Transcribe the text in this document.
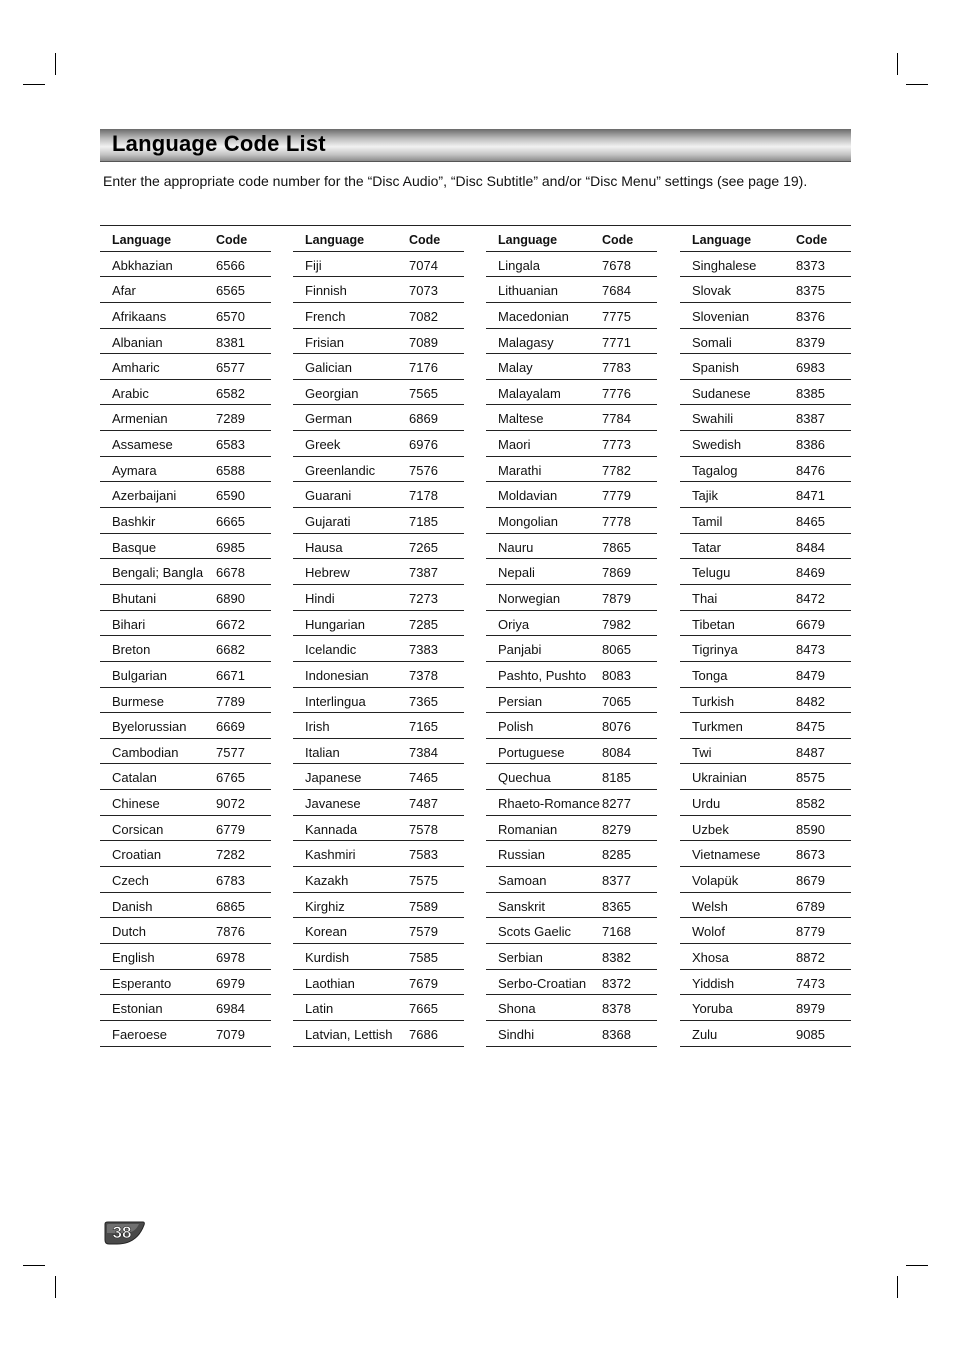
Language Code List
Enter the appropriate code number for the “Disc Audio”, “Disc Subtitle” and/or “Disc Menu” settings (see page 19).
Language	Code
Abkhazian	6566
Afar	6565
Afrikaans	6570
Albanian	8381
Amharic	6577
Arabic	6582
Armenian	7289
Assamese	6583
Aymara	6588
Azerbaijani	6590
Bashkir	6665
Basque	6985
Bengali; Bangla 6678
Bhutani	6890
Bihari	6672
Breton	6682
Bulgarian	6671
Burmese	7789
Byelorussian 6669
Cambodian	7577
Catalan	6765
Chinese	9072
Corsican	6779
Croatian	7282
Czech	6783
Danish	6865
Dutch	7876
English	6978
Esperanto	6979
Estonian	6984
Faeroese	7079
Language	Code
Fiji	7074
Finnish	7073
French	7082
Frisian	7089
Galician	7176
Georgian	7565
German	6869
Greek	6976
Greenlandic	7576
Guarani	7178
Gujarati	7185
Hausa	7265
Hebrew	7387
Hindi	7273
Hungarian	7285
Icelandic	7383
Indonesian	7378
Interlingua	7365
Irish	7165
Italian	7384
Japanese	7465
Javanese	7487
Kannada	7578
Kashmiri	7583
Kazakh	7575
Kirghiz	7589
Korean	7579
Kurdish	7585
Laothian	7679
Latin	7665
Latvian, Lettish 7686
Language	Code
Lingala	7678
Lithuanian	7684
Macedonian	7775
Malagasy	7771
Malay	7783
Malayalam	7776
Maltese	7784
Maori	7773
Marathi	7782
Moldavian	7779
Mongolian	7778
Nauru	7865
Nepali	7869
Norwegian	7879
Oriya	7982
Panjabi	8065
Pashto, Pushto 8083
Persian	7065
Polish	8076
Portuguese	8084
Quechua	8185
Rhaeto-Romance 8277
Romanian	8279
Russian	8285
Samoan	8377
Sanskrit	8365
Scots Gaelic 7168
Serbian	8382
Serbo-Croatian 8372
Shona	8378
Sindhi	8368
Language	Code
Singhalese	8373
Slovak	8375
Slovenian	8376
Somali	8379
Spanish	6983
Sudanese	8385
Swahili	8387
Swedish	8386
Tagalog	8476
Tajik	8471
Tamil	8465
Tatar	8484
Telugu	8469
Thai	8472
Tibetan	6679
Tigrinya	8473
Tonga	8479
Turkish	8482
Turkmen	8475
Twi	8487
Ukrainian	8575
Urdu	8582
Uzbek	8590
Vietnamese	8673
Volapük	8679
Welsh	6789
Wolof	8779
Xhosa	8872
Yiddish	7473
Yoruba	8979
Zulu	9085
38
